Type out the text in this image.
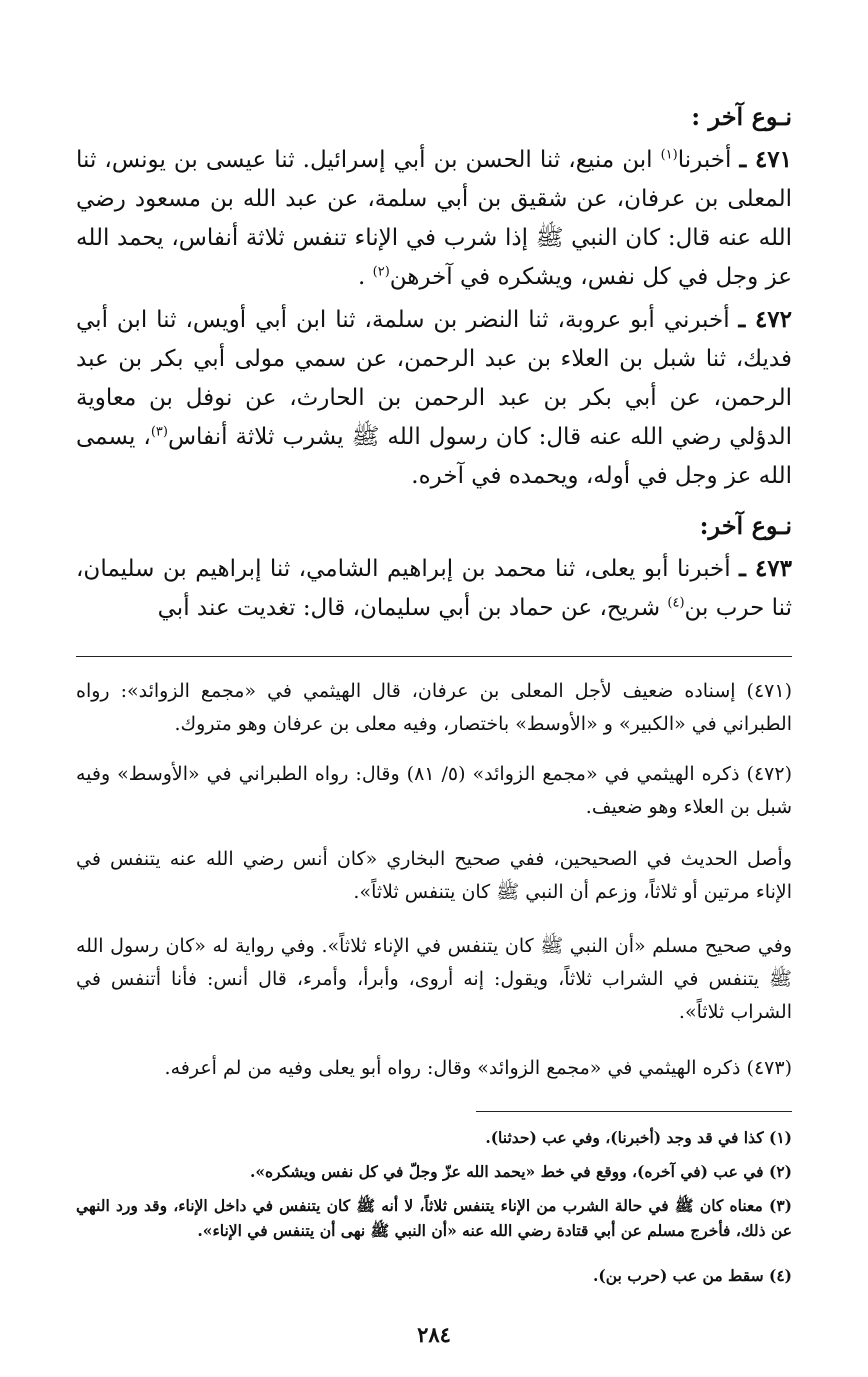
نـوع آخر :

٤٧١ ـ أخبرنا$^{(١)}$ ابن منيع، ثنا الحسن بن أبي إسرائيل. ثنا عيسى بن يونس، ثنا المعلى بن عرفان، عن شقيق بن أبي سلمة، عن عبد الله بن مسعود رضي الله عنه قال: كان النبي ﷺ إذا شرب في الإناء تنفس ثلاثة أنفاس، يحمد الله عز وجل في كل نفس، ويشكره في آخرهن$^{(٢)}$ .

٤٧٢ ـ أخبرني أبو عروبة، ثنا النضر بن سلمة، ثنا ابن أبي أويس، ثنا ابن أبي فديك، ثنا شبل بن العلاء بن عبد الرحمن، عن سمي مولى أبي بكر بن عبد الرحمن، عن أبي بكر بن عبد الرحمن بن الحارث، عن نوفل بن معاوية الدؤلي رضي الله عنه قال: كان رسول الله ﷺ يشرب ثلاثة أنفاس$^{(٣)}$، يسمى الله عز وجل في أوله، ويحمده في آخره.

نـوع آخر:

٤٧٣ ـ أخبرنا أبو يعلى، ثنا محمد بن إبراهيم الشامي، ثنا إبراهيم بن سليمان، ثنا حرب بن$^{(٤)}$ شريح، عن حماد بن أبي سليمان، قال: تغديت عند أبي

(٤٧١) إسناده ضعيف لأجل المعلى بن عرفان، قال الهيثمي في «مجمع الزوائد»: رواه الطبراني في «الكبير» و «الأوسط» باختصار، وفيه معلى بن عرفان وهو متروك.

(٤٧٢) ذكره الهيثمي في «مجمع الزوائد» (٥/ ٨١) وقال: رواه الطبراني في «الأوسط» وفيه شبل بن العلاء وهو ضعيف.

وأصل الحديث في الصحيحين، ففي صحيح البخاري «كان أنس رضي الله عنه يتنفس في الإناء مرتين أو ثلاثاً، وزعم أن النبي ﷺ كان يتنفس ثلاثاً».

وفي صحيح مسلم «أن النبي ﷺ كان يتنفس في الإناء ثلاثاً». وفي رواية له «كان رسول الله ﷺ يتنفس في الشراب ثلاثاً، ويقول: إنه أروى، وأبرأ، وأمرء، قال أنس: فأنا أتنفس في الشراب ثلاثاً».

(٤٧٣) ذكره الهيثمي في «مجمع الزوائد» وقال: رواه أبو يعلى وفيه من لم أعرفه.

(١) كذا في قد وجد (أخبرنا)، وفي عب (حدثنا).

(٢) في عب (في آخره)، ووقع في خط «يحمد الله عزّ وجلّ في كل نفس ويشكره».

(٣) معناه كان ﷺ في حالة الشرب من الإناء يتنفس ثلاثاً، لا أنه ﷺ كان يتنفس في داخل الإناء، وقد ورد النهي عن ذلك، فأخرج مسلم عن أبي قتادة رضي الله عنه «أن النبي ﷺ نهى أن يتنفس في الإناء».

(٤) سقط من عب (حرب بن).

٢٨٤
